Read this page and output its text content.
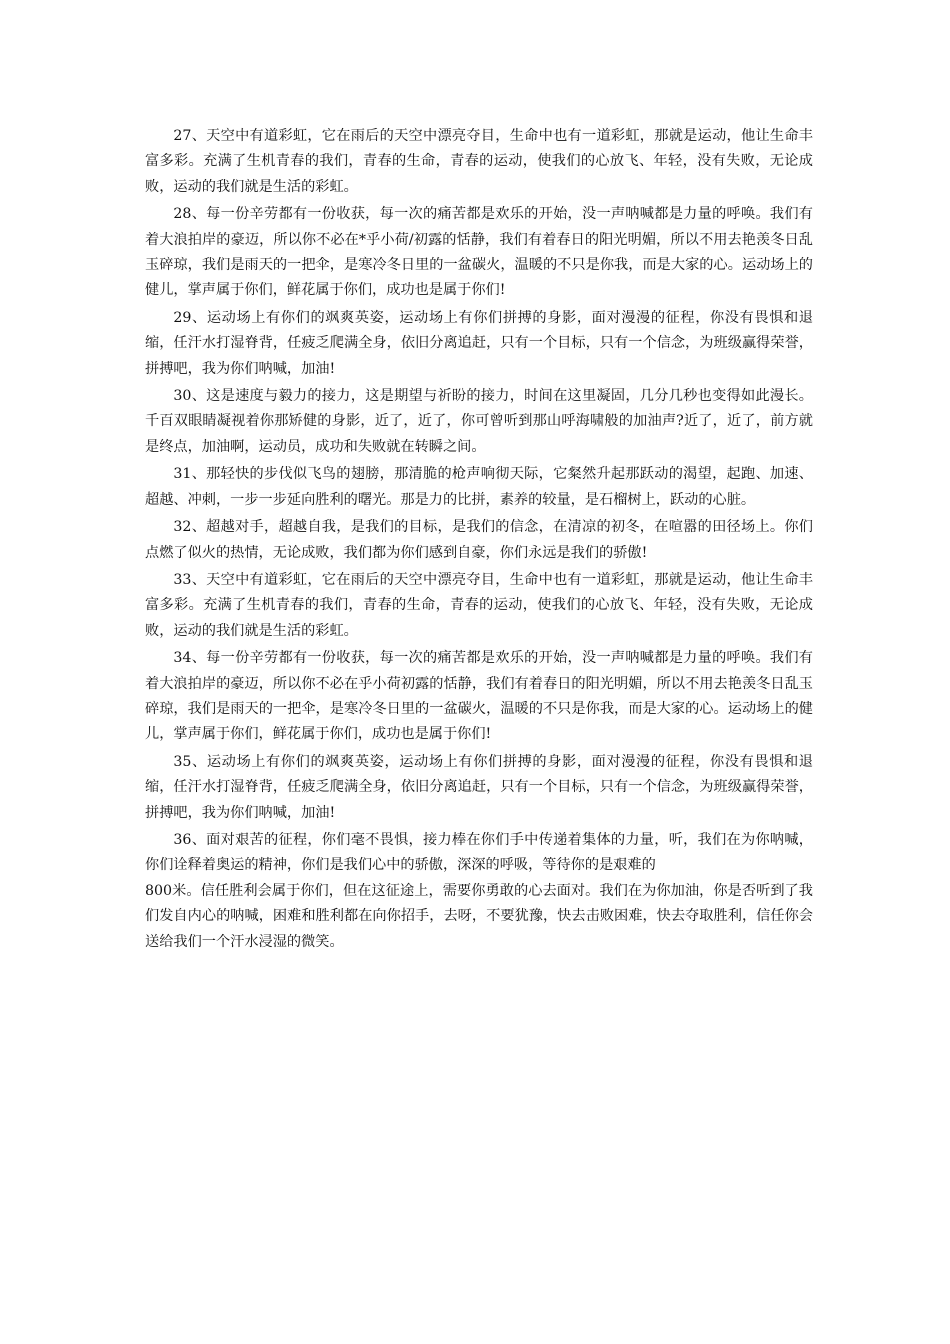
27、天空中有道彩虹，它在雨后的天空中漂亮夺目，生命中也有一道彩虹，那就是运动，他让生命丰富多彩。充满了生机青春的我们，青春的生命，青春的运动，使我们的心放飞、年轻，没有失败，无论成败，运动的我们就是生活的彩虹。

28、每一份辛劳都有一份收获，每一次的痛苦都是欢乐的开始，没一声呐喊都是力量的呼唤。我们有着大浪拍岸的豪迈，所以你不必在*乎小荷/初露的恬静，我们有着春日的阳光明媚，所以不用去艳羡冬日乱玉碎琼，我们是雨天的一把伞，是寒冷冬日里的一盆碳火，温暖的不只是你我，而是大家的心。运动场上的健儿，掌声属于你们，鲜花属于你们，成功也是属于你们!

29、运动场上有你们的飒爽英姿，运动场上有你们拼搏的身影，面对漫漫的征程，你没有畏惧和退缩，任汗水打湿脊背，任疲乏爬满全身，依旧分离追赶，只有一个目标，只有一个信念，为班级赢得荣誉，拼搏吧，我为你们呐喊，加油!

30、这是速度与毅力的接力，这是期望与祈盼的接力，时间在这里凝固，几分几秒也变得如此漫长。千百双眼睛凝视着你那矫健的身影，近了，近了，你可曾听到那山呼海啸般的加油声?近了，近了，前方就是终点，加油啊，运动员，成功和失败就在转瞬之间。

31、那轻快的步伐似飞鸟的翅膀，那清脆的枪声响彻天际，它粲然升起那跃动的渴望，起跑、加速、超越、冲刺，一步一步延向胜利的曙光。那是力的比拼，素养的较量，是石榴树上，跃动的心脏。

32、超越对手，超越自我，是我们的目标，是我们的信念，在清凉的初冬，在喧嚣的田径场上。你们点燃了似火的热情，无论成败，我们都为你们感到自豪，你们永远是我们的骄傲!

33、天空中有道彩虹，它在雨后的天空中漂亮夺目，生命中也有一道彩虹，那就是运动，他让生命丰富多彩。充满了生机青春的我们，青春的生命，青春的运动，使我们的心放飞、年轻，没有失败，无论成败，运动的我们就是生活的彩虹。

34、每一份辛劳都有一份收获，每一次的痛苦都是欢乐的开始，没一声呐喊都是力量的呼唤。我们有着大浪拍岸的豪迈，所以你不必在乎小荷初露的恬静，我们有着春日的阳光明媚，所以不用去艳羡冬日乱玉碎琼，我们是雨天的一把伞，是寒冷冬日里的一盆碳火，温暖的不只是你我，而是大家的心。运动场上的健儿，掌声属于你们，鲜花属于你们，成功也是属于你们!

35、运动场上有你们的飒爽英姿，运动场上有你们拼搏的身影，面对漫漫的征程，你没有畏惧和退缩，任汗水打湿脊背，任疲乏爬满全身，依旧分离追赶，只有一个目标，只有一个信念，为班级赢得荣誉，拼搏吧，我为你们呐喊，加油!

36、面对艰苦的征程，你们毫不畏惧，接力棒在你们手中传递着集体的力量，听，我们在为你呐喊，你们诠释着奥运的精神，你们是我们心中的骄傲，深深的呼吸，等待你的是艰难的
800米。信任胜利会属于你们，但在这征途上，需要你勇敢的心去面对。我们在为你加油，你是否听到了我们发自内心的呐喊，困难和胜利都在向你招手，去呀，不要犹豫，快去击败困难，快去夺取胜利，信任你会送给我们一个汗水浸湿的微笑。
